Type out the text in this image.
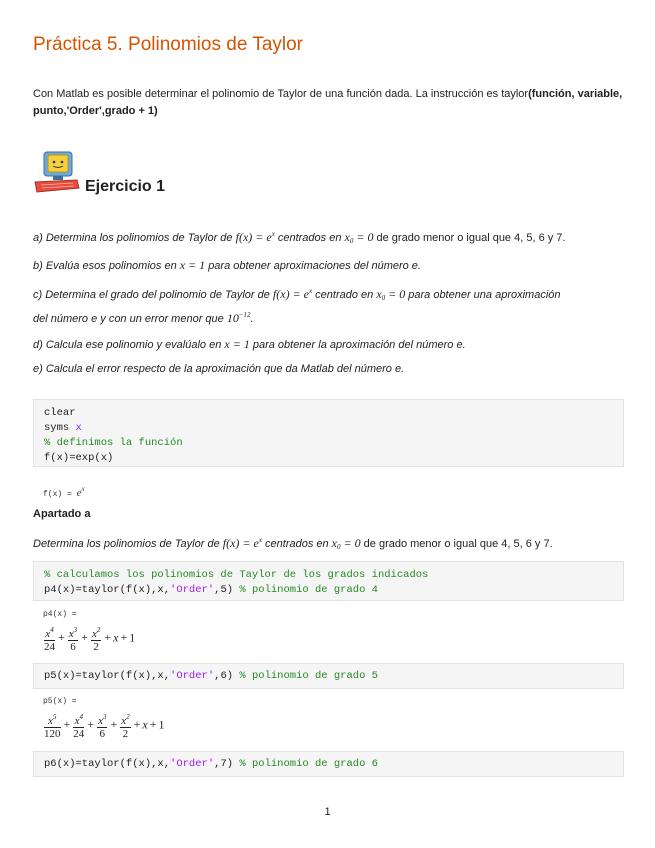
Práctica 5. Polinomios de Taylor
Con Matlab es posible determinar el polinomio de Taylor de una función dada. La instrucción es taylor(función, variable, punto,'Order',grado + 1)
Ejercicio 1
a) Determina los polinomios de Taylor de $f(x) = e^x$ centrados en $x_0 = 0$ de grado menor o igual que 4, 5, 6 y 7.
b) Evalúa esos polinomios en x = 1 para obtener aproximaciones del número e.
c) Determina el grado del polinomio de Taylor de $f(x) = e^x$ centrado en $x_0 = 0$ para obtener una aproximación
del número e y con un error menor que $10^{-12}$.
d) Calcula ese polinomio y evalúalo en x = 1 para obtener la aproximación del número e.
e) Calcula el error respecto de la aproximación que da Matlab del número e.
clear
syms x
% definimos la función
f(x)=exp(x)
$f(x) = e^x$
Apartado a
Determina los polinomios de Taylor de $f(x) = e^x$ centrados en $x_0 = 0$ de grado menor o igual que 4, 5, 6 y 7.
% calculamos los polinomios de Taylor de los grados indicados
p4(x)=taylor(f(x),x,'Order',5) % polinomio de grado 4
p4(x) =
$\frac{x^4}{24} + \frac{x^3}{6} + \frac{x^2}{2} + x + 1$
p5(x)=taylor(f(x),x,'Order',6) % polinomio de grado 5
p5(x) =
$\frac{x^5}{120} + \frac{x^4}{24} + \frac{x^3}{6} + \frac{x^2}{2} + x + 1$
p6(x)=taylor(f(x),x,'Order',7) % polinomio de grado 6
1
